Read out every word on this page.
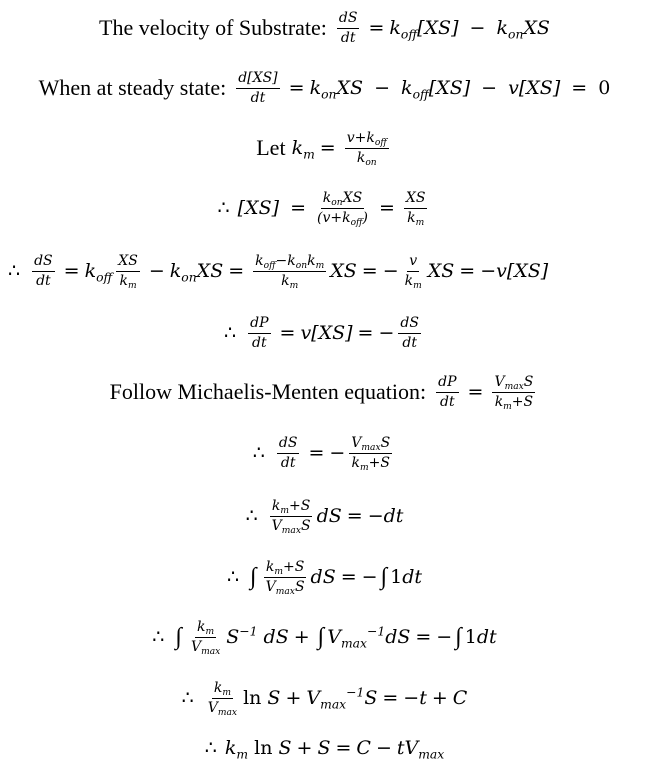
The velocity of Substrate: $\frac{dS}{dt} = k_{off}[XS] - k_{on}XS$
When at steady state: $\frac{d[XS]}{dt} = k_{on}XS - k_{off}[XS] - v[XS] = 0$
Let $k_m = \frac{v+k_{off}}{k_{on}}$
∴ $[XS] = \frac{k_{on}XS}{(v+k_{off})} = \frac{XS}{k_m}$
∴ $\frac{dS}{dt} = k_{off} \frac{XS}{k_m} - k_{on}XS = \frac{k_{off}-k_{on}k_m}{k_m}$ XS = − $\frac{v}{k_m}$ XS = −v[XS]
∴ $\frac{dP}{dt} = v[XS]$ = − $\frac{dS}{dt}$
Follow Michaelis-Menten equation: $\frac{dP}{dt} = \frac{V_{max}S}{k_m+S}$
∴ $\frac{dS}{dt}$ = − $\frac{V_{max}S}{k_m+S}$
∴ $\frac{k_m+S}{V_{max}S}$ dS = −dt
∴ ∫ $\frac{k_m+S}{V_{max}S}$ dS = − ∫ 1dt
∴ ∫ $\frac{k_m}{V_{max}} S^{-1}$ dS + ∫ $V_{max}^{-1}dS$ = − ∫ 1dt
∴ $\frac{k_m}{V_{max}}$ $\ln S + V_{max}^{-1}S = -t + C$
∴ $k_m$ $\ln S + S = C - tV_{max}$
